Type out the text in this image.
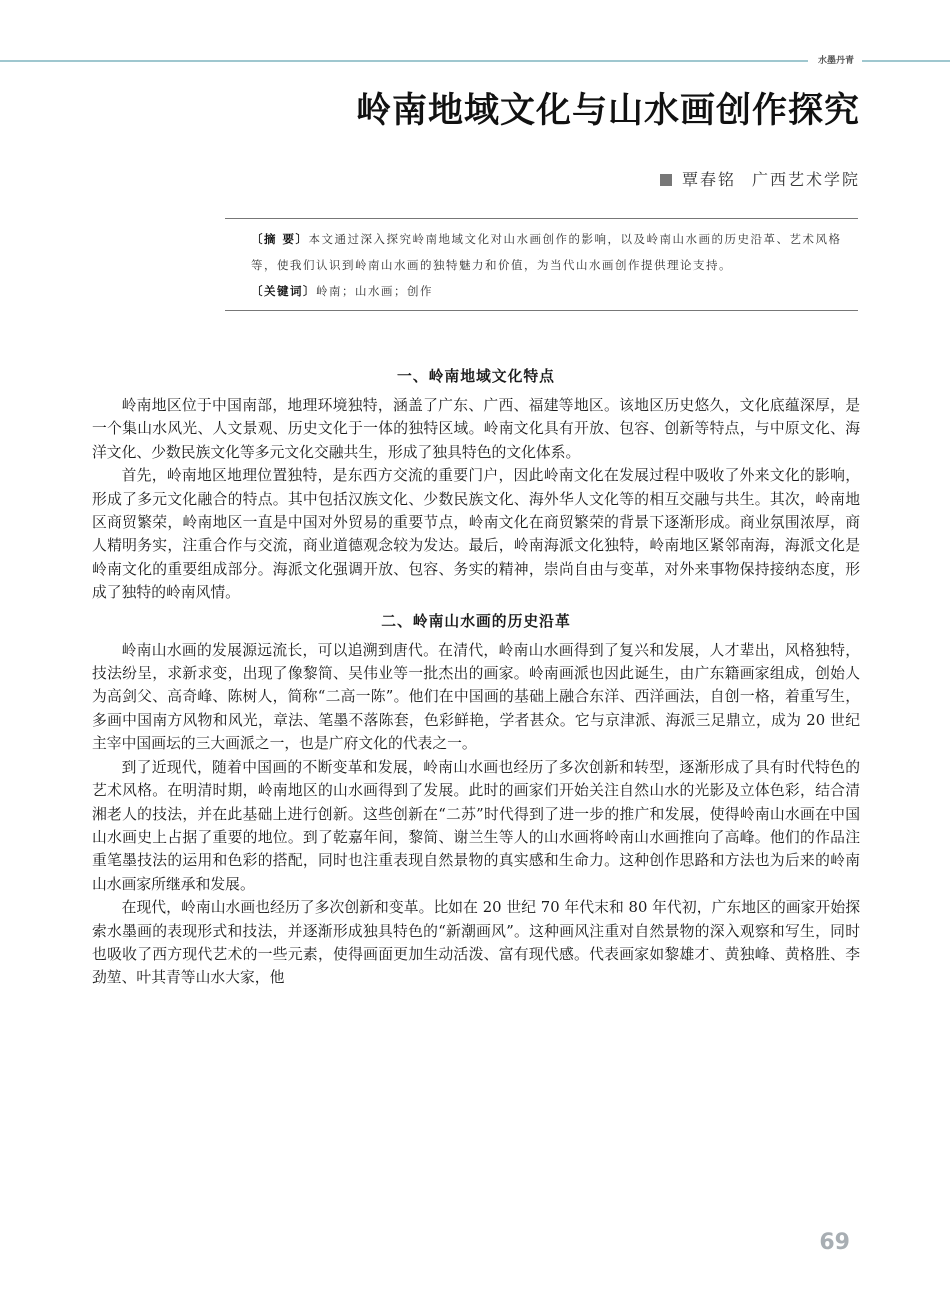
水墨丹青
岭南地域文化与山水画创作探究
覃春铭 广西艺术学院

〔摘 要〕本文通过深入探究岭南地域文化对山水画创作的影响，以及岭南山水画的历史沿革、艺术风格等，使我们认识到岭南山水画的独特魅力和价值，为当代山水画创作提供理论支持。

〔关键词〕岭南；山水画；创作

一、岭南地域文化特点

岭南地区位于中国南部，地理环境独特，涵盖了广东、广西、福建等地区。该地区历史悠久，文化底蕴深厚，是一个集山水风光、人文景观、历史文化于一体的独特区域。岭南文化具有开放、包容、创新等特点，与中原文化、海洋文化、少数民族文化等多元文化交融共生，形成了独具特色的文化体系。

首先，岭南地区地理位置独特，是东西方交流的重要门户，因此岭南文化在发展过程中吸收了外来文化的影响，形成了多元文化融合的特点。其中包括汉族文化、少数民族文化、海外华人文化等的相互交融与共生。其次，岭南地区商贸繁荣，岭南地区一直是中国对外贸易的重要节点，岭南文化在商贸繁荣的背景下逐渐形成。商业氛围浓厚，商人精明务实，注重合作与交流，商业道德观念较为发达。最后，岭南海派文化独特，岭南地区紧邻南海，海派文化是岭南文化的重要组成部分。海派文化强调开放、包容、务实的精神，崇尚自由与变革，对外来事物保持接纳态度，形成了独特的岭南风情。

二、岭南山水画的历史沿革

岭南山水画的发展源远流长，可以追溯到唐代。在清代，岭南山水画得到了复兴和发展，人才辈出，风格独特，技法纷呈，求新求变，出现了像黎简、吴伟业等一批杰出的画家。岭南画派也因此诞生，由广东籍画家组成，创始人为高剑父、高奇峰、陈树人，简称“二高一陈”。他们在中国画的基础上融合东洋、西洋画法，自创一格，着重写生，多画中国南方风物和风光，章法、笔墨不落陈套，色彩鲜艳，学者甚众。它与京津派、海派三足鼎立，成为 20 世纪主宰中国画坛的三大画派之一，也是广府文化的代表之一。

到了近现代，随着中国画的不断变革和发展，岭南山水画也经历了多次创新和转型，逐渐形成了具有时代特色的艺术风格。在明清时期，岭南地区的山水画得到了发展。此时的画家们开始关注自然山水的光影及立体色彩，结合清湘老人的技法，并在此基础上进行创新。这些创新在“二苏”时代得到了进一步的推广和发展，使得岭南山水画在中国山水画史上占据了重要的地位。到了乾嘉年间，黎简、谢兰生等人的山水画将岭南山水画推向了高峰。他们的作品注重笔墨技法的运用和色彩的搭配，同时也注重表现自然景物的真实感和生命力。这种创作思路和方法也为后来的岭南山水画家所继承和发展。

在现代，岭南山水画也经历了多次创新和变革。比如在 20 世纪 70 年代末和 80 年代初，广东地区的画家开始探索水墨画的表现形式和技法，并逐渐形成独具特色的“新潮画风”。这种画风注重对自然景物的深入观察和写生，同时也吸收了西方现代艺术的一些元素，使得画面更加生动活泼、富有现代感。代表画家如黎雄才、黄独峰、黄格胜、李劲堃、叶其青等山水大家，他

69
